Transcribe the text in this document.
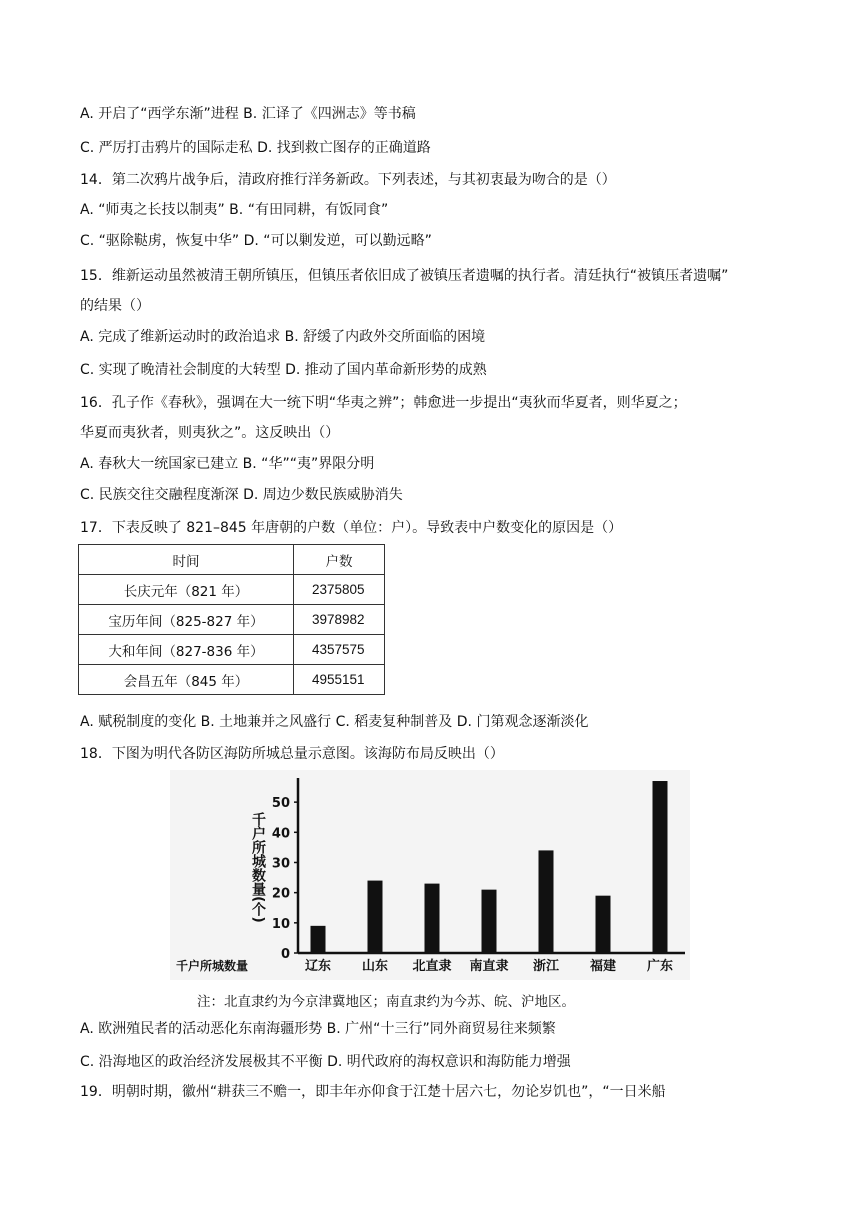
A. 开启了“西学东渐”进程 B. 汇译了《四洲志》等书稿
C. 严厉打击鸦片的国际走私 D. 找到救亡图存的正确道路
14．第二次鸦片战争后，清政府推行洋务新政。下列表述，与其初衷最为吻合的是（）
A. “师夷之长技以制夷” B. “有田同耕，有饭同食”
C. “驱除鞑虏，恢复中华” D. “可以剿发逆，可以勤远略”
15．维新运动虽然被清王朝所镇压，但镇压者依旧成了被镇压者遗嘱的执行者。清廷执行“被镇压者遗嘱”
的结果（）
A. 完成了维新运动时的政治追求 B. 舒缓了内政外交所面临的困境
C. 实现了晚清社会制度的大转型 D. 推动了国内革命新形势的成熟
16．孔子作《春秋》，强调在大一统下明“华夷之辨”；韩愈进一步提出“夷狄而华夏者，则华夏之；
华夏而夷狄者，则夷狄之”。这反映出（）
A. 春秋大一统国家已建立 B. “华”“夷”界限分明
C. 民族交往交融程度渐深 D. 周边少数民族威胁消失
17．下表反映了 821–845 年唐朝的户数（单位：户）。导致表中户数变化的原因是（）
时间	户数
长庆元年（821 年）	2375805
宝历年间（825-827 年）	3978982
大和年间（827-836 年）	4357575
会昌五年（845 年）	4955151
A. 赋税制度的变化 B. 土地兼并之风盛行 C. 稻麦复种制普及 D. 门第观念逐渐淡化
18．下图为明代各防区海防所城总量示意图。该海防布局反映出（）
0
10
20
30
40
50
千户所城数量(个)
千户所城数量	辽东 山东 北直隶 南直隶 浙江 福建 广东
注：北直隶约为今京津冀地区；南直隶约为今苏、皖、沪地区。
A. 欧洲殖民者的活动恶化东南海疆形势 B. 广州“十三行”同外商贸易往来频繁
C. 沿海地区的政治经济发展极其不平衡 D. 明代政府的海权意识和海防能力增强
19．明朝时期，徽州“耕获三不赡一，即丰年亦仰食于江楚十居六七，勿论岁饥也”，“一日米船
